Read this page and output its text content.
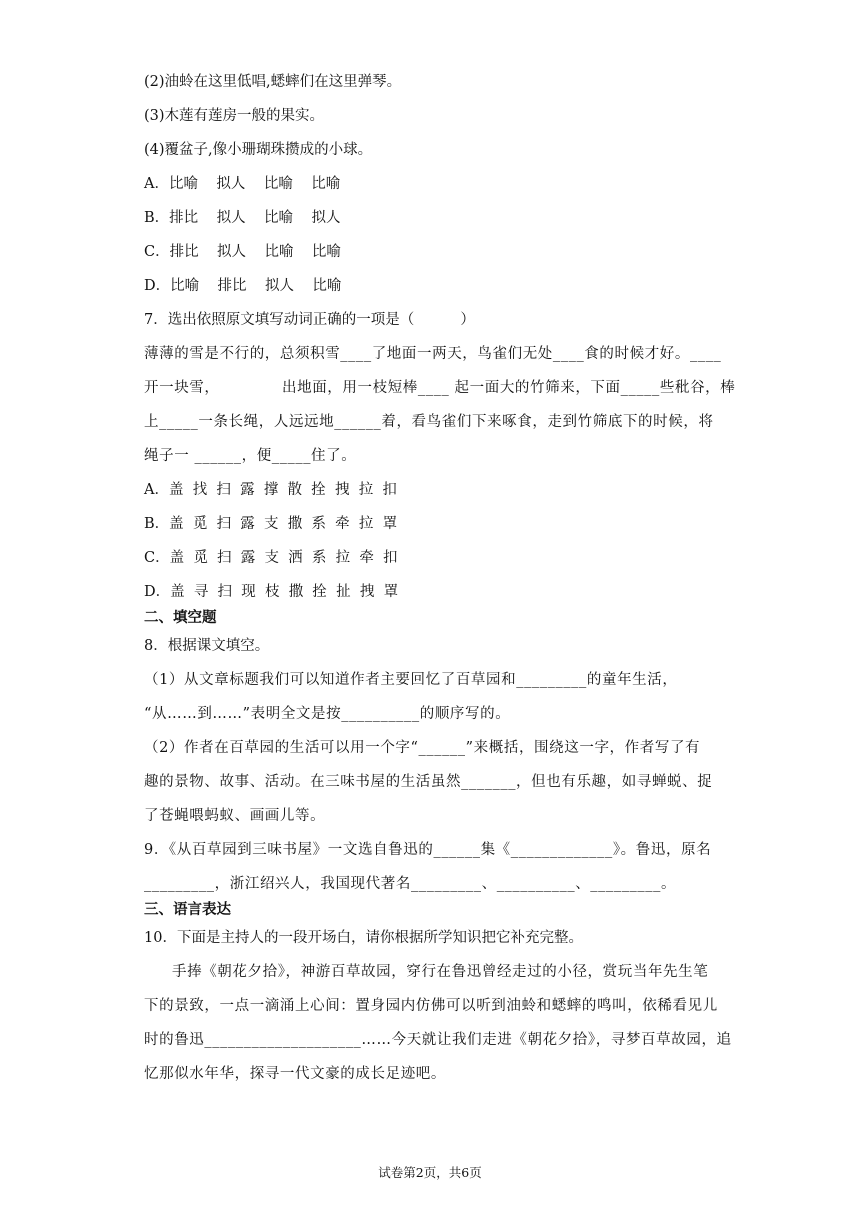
(2)油蛉在这里低唱,蟋蟀们在这里弹琴。
(3)木莲有莲房一般的果实。
(4)覆盆子,像小珊瑚珠攒成的小球。
A．比喻    拟人    比喻    比喻
B．排比    拟人    比喻    拟人
C．排比    拟人    比喻    比喻
D．比喻    排比    拟人    比喻
7．选出依照原文填写动词正确的一项是（          ）
薄薄的雪是不行的，总须积雪____了地面一两天，鸟雀们无处____食的时候才好。____
开一块雪，            出地面，用一枝短棒____ 起一面大的竹筛来，下面_____些秕谷，棒
上_____一条长绳，人远远地______着，看鸟雀们下来啄食，走到竹筛底下的时候，将
绳子一 ______，便_____住了。
A．盖  找  扫  露  撑  散  拴  拽  拉  扣
B．盖  觅  扫  露  支  撒  系  牵  拉  罩
C．盖  觅  扫  露  支  洒  系  拉  牵  扣
D．盖  寻  扫  现  枝  撒  拴  扯  拽  罩
二、填空题
8．根据课文填空。
（1）从文章标题我们可以知道作者主要回忆了百草园和_________的童年生活，
“从……到……”表明全文是按__________的顺序写的。
（2）作者在百草园的生活可以用一个字“______”来概括，围绕这一字，作者写了有
趣的景物、故事、活动。在三味书屋的生活虽然_______，但也有乐趣，如寻蝉蜕、捉
了苍蝇喂蚂蚁、画画儿等。
9．《从百草园到三味书屋》一文选自鲁迅的______集《_____________》。鲁迅，原名
_________，浙江绍兴人，我国现代著名_________、__________、_________。
三、语言表达
10．下面是主持人的一段开场白，请你根据所学知识把它补充完整。
手捧《朝花夕拾》，神游百草故园，穿行在鲁迅曾经走过的小径，赏玩当年先生笔
下的景致，一点一滴涌上心间：置身园内仿佛可以听到油蛉和蟋蟀的鸣叫，依稀看见儿
时的鲁迅____________________……今天就让我们走进《朝花夕拾》，寻梦百草故园，追
忆那似水年华，探寻一代文豪的成长足迹吧。
试卷第2页，共6页
